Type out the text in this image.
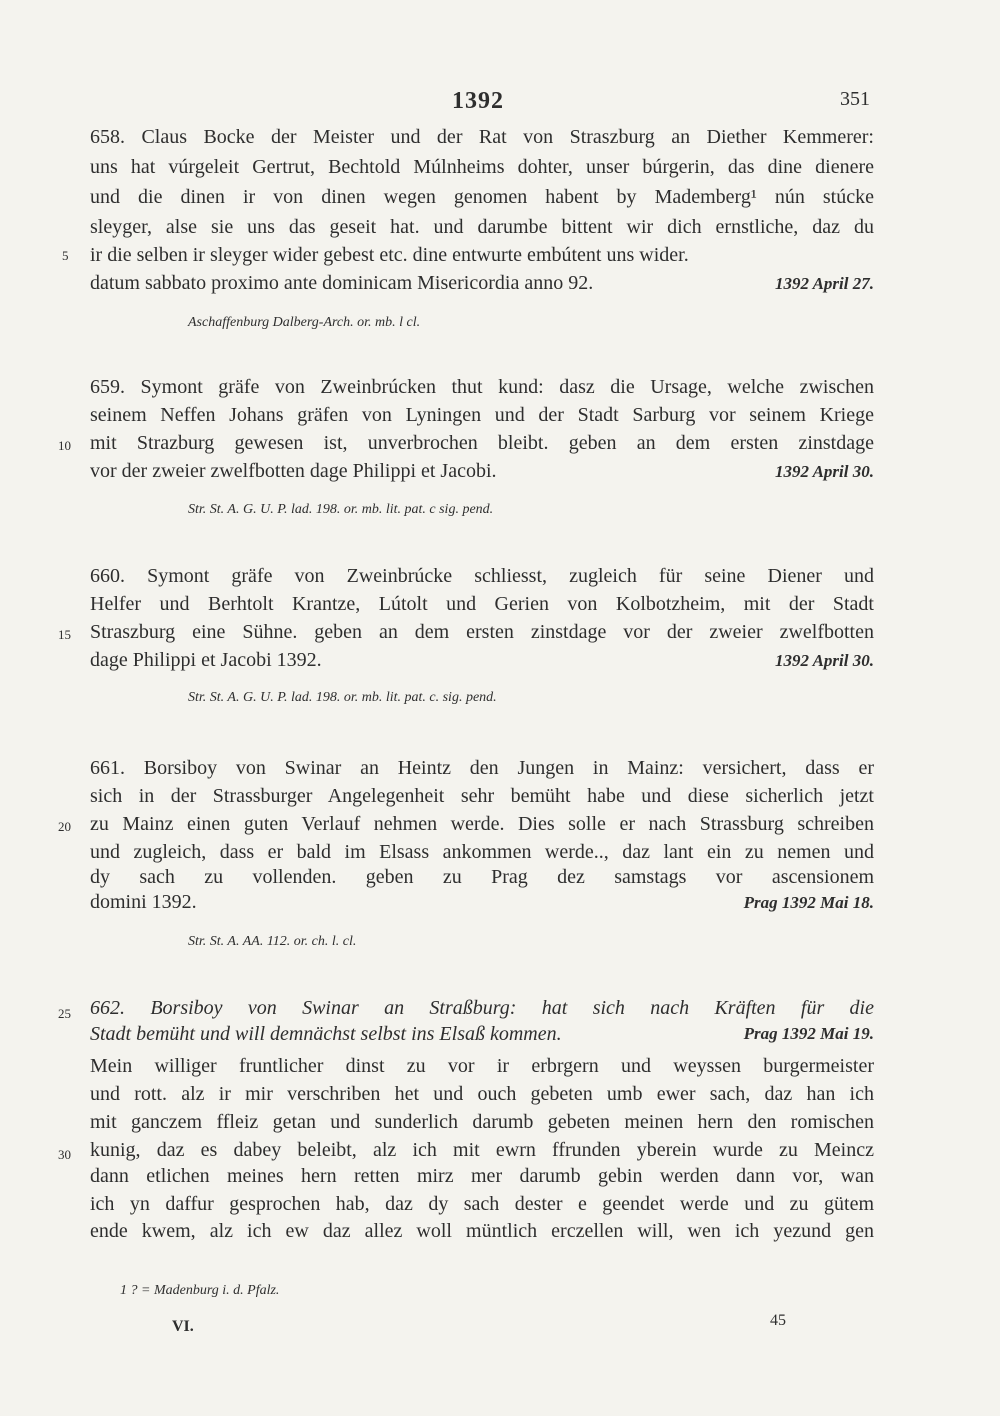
1392	351
658. Claus Bocke der Meister und der Rat von Straszburg an Diether Kemmerer:
uns hat vúrgeleit Gertrut, Bechtold Múlnheims dohter, unser búrgerin, das dine dienere
und die dinen ir von dinen wegen genomen habent by Mademberg¹ nún stúcke
sleyger, alse sie uns das geseit hat. und darumbe bittent wir dich ernstliche, daz du
ir die selben ir sleyger wider gebest etc. dine entwurte embútent uns wider.
datum sabbato proximo ante dominicam Misericordia anno 92.	1392 April 27.
Aschaffenburg Dalberg-Arch. or. mb. l cl.
659. Symont gräfe von Zweinbrúcken thut kund: dasz die Ursage, welche zwischen
seinem Neffen Johans gräfen von Lyningen und der Stadt Sarburg vor seinem Kriege
mit Strazburg gewesen ist, unverbrochen bleibt. geben an dem ersten zinstdage
vor der zweier zwelfbotten dage Philippi et Jacobi.	1392 April 30.
Str. St. A. G. U. P. lad. 198. or. mb. lit. pat. c sig. pend.
660. Symont gräfe von Zweinbrúcke schliesst, zugleich für seine Diener und
Helfer und Berhtolt Krantze, Lútolt und Gerien von Kolbotzheim, mit der Stadt
Straszburg eine Sühne. geben an dem ersten zinstdage vor der zweier zwelfbotten
dage Philippi et Jacobi 1392.	1392 April 30.
Str. St. A. G. U. P. lad. 198. or. mb. lit. pat. c. sig. pend.
661. Borsiboy von Swinar an Heintz den Jungen in Mainz: versichert, dass er
sich in der Strassburger Angelegenheit sehr bemüht habe und diese sicherlich jetzt
zu Mainz einen guten Verlauf nehmen werde. Dies solle er nach Strassburg schreiben
und zugleich, dass er bald im Elsass ankommen werde.., daz lant ein zu nemen und
dy sach zu vollenden. geben zu Prag dez samstags vor ascensionem
domini 1392.	Prag 1392 Mai 18.
Str. St. A. AA. 112. or. ch. l. cl.
662. Borsiboy von Swinar an Straßburg: hat sich nach Kräften für die
Stadt bemüht und will demnächst selbst ins Elsaß kommen.	Prag 1392 Mai 19.
Mein williger fruntlicher dinst zu vor ir erbrgern und weyssen burgermeister
und rott. alz ir mir verschriben het und ouch gebeten umb ewer sach, daz han ich
mit ganczem ffleiz getan und sunderlich darumb gebeten meinen hern den romischen
kunig, daz es dabey beleibt, alz ich mit ewrn ffrunden yberein wurde zu Meincz
dann etlichen meines hern retten mirz mer darumb gebin werden dann vor, wan
ich yn daffur gesprochen hab, daz dy sach dester e geendet werde und zu gütem
ende kwem, alz ich ew daz allez woll müntlich erczellen will, wen ich yezund gen
5
10
15
20
25
30
1 ? = Madenburg i. d. Pfalz.
VI.	45
